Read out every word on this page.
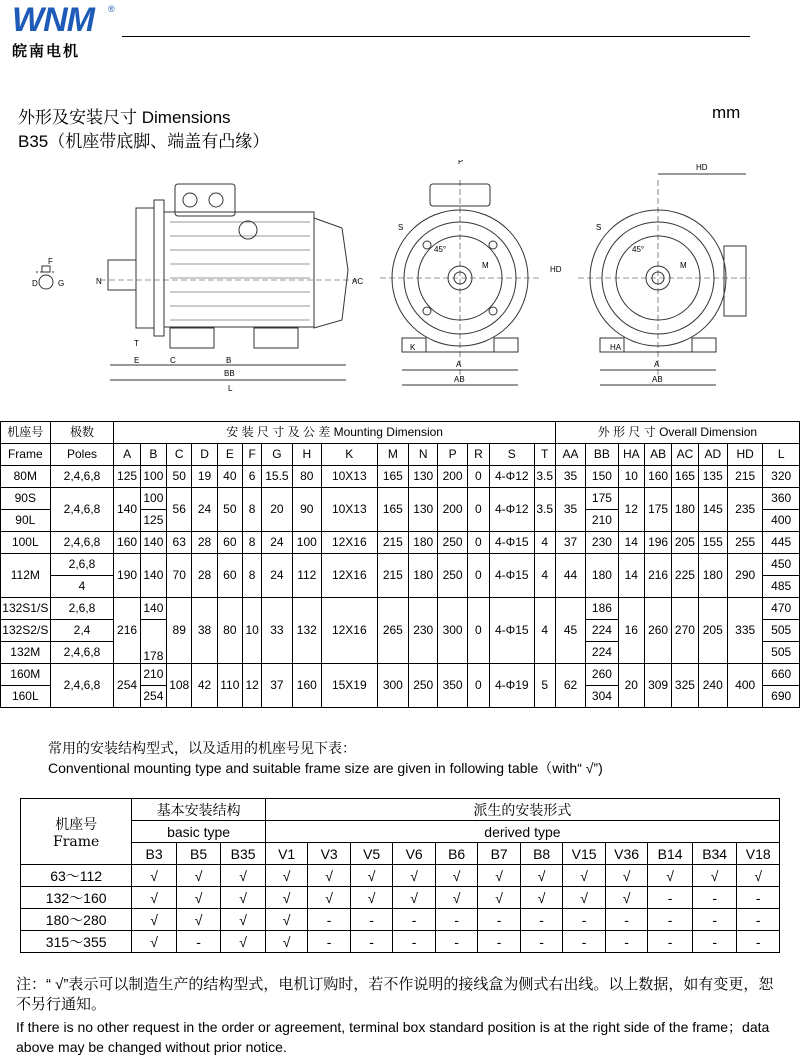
WNM	®
皖南电机
外形及安装尺寸 Dimensions	mm
B35（机座带底脚、端盖有凸缘）
F
G
D	N	AC
T
E	C	B
BB
L
P
S
45°
M	HD
K
A
AB
HD
S
45°
M
HA
A
AB
机座号	极数	安 装 尺 寸 及 公 差 Mounting Dimension															外 形 尺 寸 Overall Dimension							
Frame	Poles	A	B	C	D	E	F	G	H	K	M	N	P	R	S	T	AA	BB	HA	AB	AC	AD	HD	L
80M	2,4,6,8	125	100	50	19	40	6	15.5	80	10X13	165	130	200	0	4-Φ12	3.5	35	150	10	160	165	135	215	320
90S	2,4,6,8	140	100	56	24	50	8	20	90	10X13	165	130	200	0	4-Φ12	3.5	35	175	12	175	180	145	235	360
90L			125															210						400
100L	2,4,6,8	160	140	63	28	60	8	24	100	12X16	215	180	250	0	4-Φ15	4	37	230	14	196	205	155	255	445
112M	2,6,8	190	140	70	28	60	8	24	112	12X16	215	180	250	0	4-Φ15	4	44	180	14	216	225	180	290	450
	4																							485
132S1/S	2,6,8	216	140	89	38	80	10	33	132	12X16	265	230	300	0	4-Φ15	4	45	186	16	260	270	205	335	470
132S2/S	2,4		178															224						505
132M	2,4,6,8																	224						505
160M	2,4,6,8	254	210	108	42	110	12	37	160	15X19	300	250	350	0	4-Φ19	5	62	260	20	309	325	240	400	660
160L			254															304						690
常用的安装结构型式，以及适用的机座号见下表：
Conventional mounting type and suitable frame size are given in following table（with“ √”)
机座号
Frame	基本安装结构			派生的安装形式											
	basic type			derived type											
	B3	B5	B35	V1	V3	V5	V6	B6	B7	B8	V15	V36	B14	B34	V18
63～112	√	√	√	√	√	√	√	√	√	√	√	√	√	√	√
132～160	√	√	√	√	√	√	√	√	√	√	√	√	-	-	-
180～280	√	√	√	√	-	-	-	-	-	-	-	-	-	-	-
315～355	√	-	√	√	-	-	-	-	-	-	-	-	-	-	-
注：“ √”表示可以制造生产的结构型式，电机订购时，若不作说明的接线盒为侧式右出线。以上数据，如有变更，恕不另行通知。
If there is no other request in the order or agreement, terminal box standard position is at the right side of the frame；data above may be changed without prior notice.
